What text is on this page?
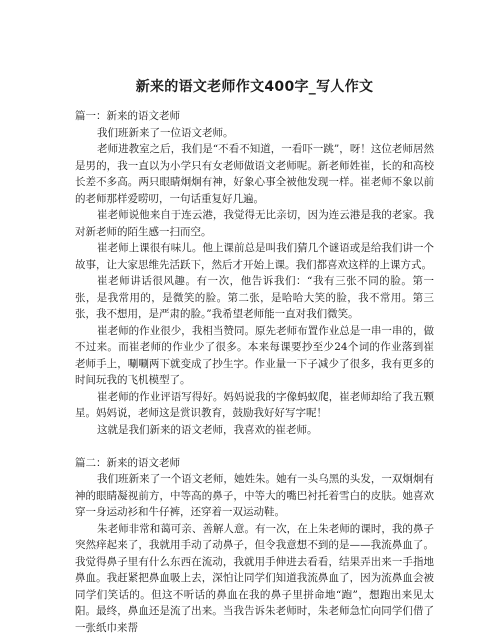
新来的语文老师作文400字_写人作文

篇一：新来的语文老师

我们班新来了一位语文老师。

老师进教室之后，我们是“不看不知道，一看吓一跳”，呀！这位老师居然是男的，我一直以为小学只有女老师做语文老师呢。新老师姓崔，长的和高校长差不多高。两只眼睛炯炯有神，好象心事全被他发现一样。崔老师不象以前的老师那样爱唠叨，一句话重复好几遍。

崔老师说他来自于连云港，我觉得无比亲切，因为连云港是我的老家。我对新老师的陌生感一扫而空。

崔老师上课很有味儿。他上课前总是叫我们猜几个谜语或是给我们讲一个故事，让大家思维先活跃下，然后才开始上课。我们都喜欢这样的上课方式。

崔老师讲话很风趣。有一次，他告诉我们：“我有三张不同的脸。第一张，是我常用的，是微笑的脸。第二张，是哈哈大笑的脸，我不常用。第三张，我不想用，是严肃的脸。”我希望老师能一直对我们微笑。

崔老师的作业很少，我相当赞同。原先老师布置作业总是一串一串的，做不过来。而崔老师的作业少了很多。本来每课要抄至少24个词的作业落到崔老师手上，唰唰两下就变成了抄生字。作业量一下子减少了很多，我有更多的时间玩我的飞机模型了。

崔老师的作业评语写得好。妈妈说我的字像蚂蚁爬，崔老师却给了我五颗星。妈妈说，老师这是赏识教育，鼓励我好好写字呢！

这就是我们新来的语文老师，我喜欢的崔老师。

篇二：新来的语文老师

我们班新来了一个语文老师，她姓朱。她有一头乌黑的头发，一双炯炯有神的眼睛凝视前方，中等高的鼻子，中等大的嘴巴衬托着雪白的皮肤。她喜欢穿一身运动衫和牛仔裤，还穿着一双运动鞋。

朱老师非常和蔼可亲、善解人意。有一次，在上朱老师的课时，我的鼻子突然痒起来了，我就用手动了动鼻子，但令我意想不到的是——我流鼻血了。我觉得鼻子里有什么东西在流动，我就用手伸进去看看，结果弄出来一手指地鼻血。我赶紧把鼻血吸上去，深怕让同学们知道我流鼻血了，因为流鼻血会被同学们笑话的。但这不听话的鼻血在我的鼻子里拼命地“跑”，想跑出来见太阳。最终，鼻血还是流了出来。当我告诉朱老师时，朱老师急忙向同学们借了一张纸巾来帮
